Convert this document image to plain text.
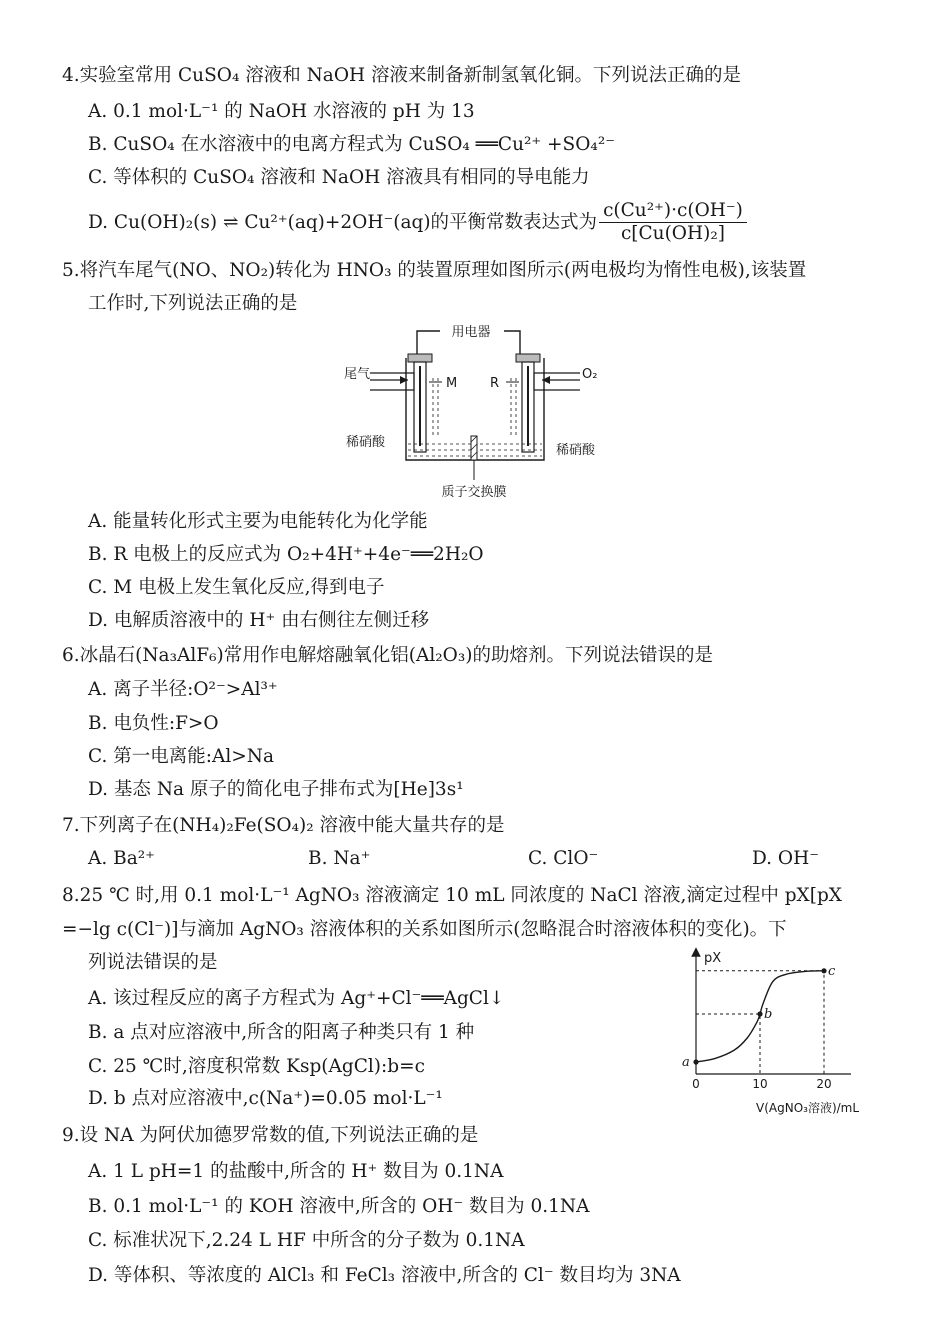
4.实验室常用 CuSO₄ 溶液和 NaOH 溶液来制备新制氢氧化铜。下列说法正确的是
A. 0.1 mol·L⁻¹ 的 NaOH 水溶液的 pH 为 13
B. CuSO₄ 在水溶液中的电离方程式为 CuSO₄ ══Cu²⁺ +SO₄²⁻
C. 等体积的 CuSO₄ 溶液和 NaOH 溶液具有相同的导电能力
D. Cu(OH)₂(s) ⇌ Cu²⁺(aq)+2OH⁻(aq)的平衡常数表达式为 $\frac{\text{c(Cu²⁺)·c(OH⁻)}}{\text{c[Cu(OH)₂]}}$
5.将汽车尾气(NO、NO₂)转化为 HNO₃ 的装置原理如图所示(两电极均为惰性电极),该装置
工作时,下列说法正确的是
用电器
尾气
M	R
O₂
稀硝酸
稀硝酸
质子交换膜
A. 能量转化形式主要为电能转化为化学能
B. R 电极上的反应式为 O₂+4H⁺+4e⁻══2H₂O
C. M 电极上发生氧化反应,得到电子
D. 电解质溶液中的 H⁺ 由右侧往左侧迁移
6.冰晶石(Na₃AlF₆)常用作电解熔融氧化铝(Al₂O₃)的助熔剂。下列说法错误的是
A. 离子半径:O²⁻>Al³⁺
B. 电负性:F>O
C. 第一电离能:Al>Na
D. 基态 Na 原子的简化电子排布式为[He]3s¹
7.下列离子在(NH₄)₂Fe(SO₄)₂ 溶液中能大量共存的是
A. Ba²⁺	B. Na⁺	C. ClO⁻	D. OH⁻
8.25 ℃ 时,用 0.1 mol·L⁻¹ AgNO₃ 溶液滴定 10 mL 同浓度的 NaCl 溶液,滴定过程中 pX[pX
=−lg c(Cl⁻)]与滴加 AgNO₃ 溶液体积的关系如图所示(忽略混合时溶液体积的变化)。下
列说法错误的是
A. 该过程反应的离子方程式为 Ag⁺+Cl⁻══AgCl↓
B. a 点对应溶液中,所含的阳离子种类只有 1 种
C. 25 ℃时,溶度积常数 Ksp(AgCl):b=c
D. b 点对应溶液中,c(Na⁺)=0.05 mol·L⁻¹
pX
V(AgNO₃溶液)/mL
0	10	20
a
b
c
9.设 NA 为阿伏加德罗常数的值,下列说法正确的是
A. 1 L pH=1 的盐酸中,所含的 H⁺ 数目为 0.1NA
B. 0.1 mol·L⁻¹ 的 KOH 溶液中,所含的 OH⁻ 数目为 0.1NA
C. 标准状况下,2.24 L HF 中所含的分子数为 0.1NA
D. 等体积、等浓度的 AlCl₃ 和 FeCl₃ 溶液中,所含的 Cl⁻ 数目均为 3NA
